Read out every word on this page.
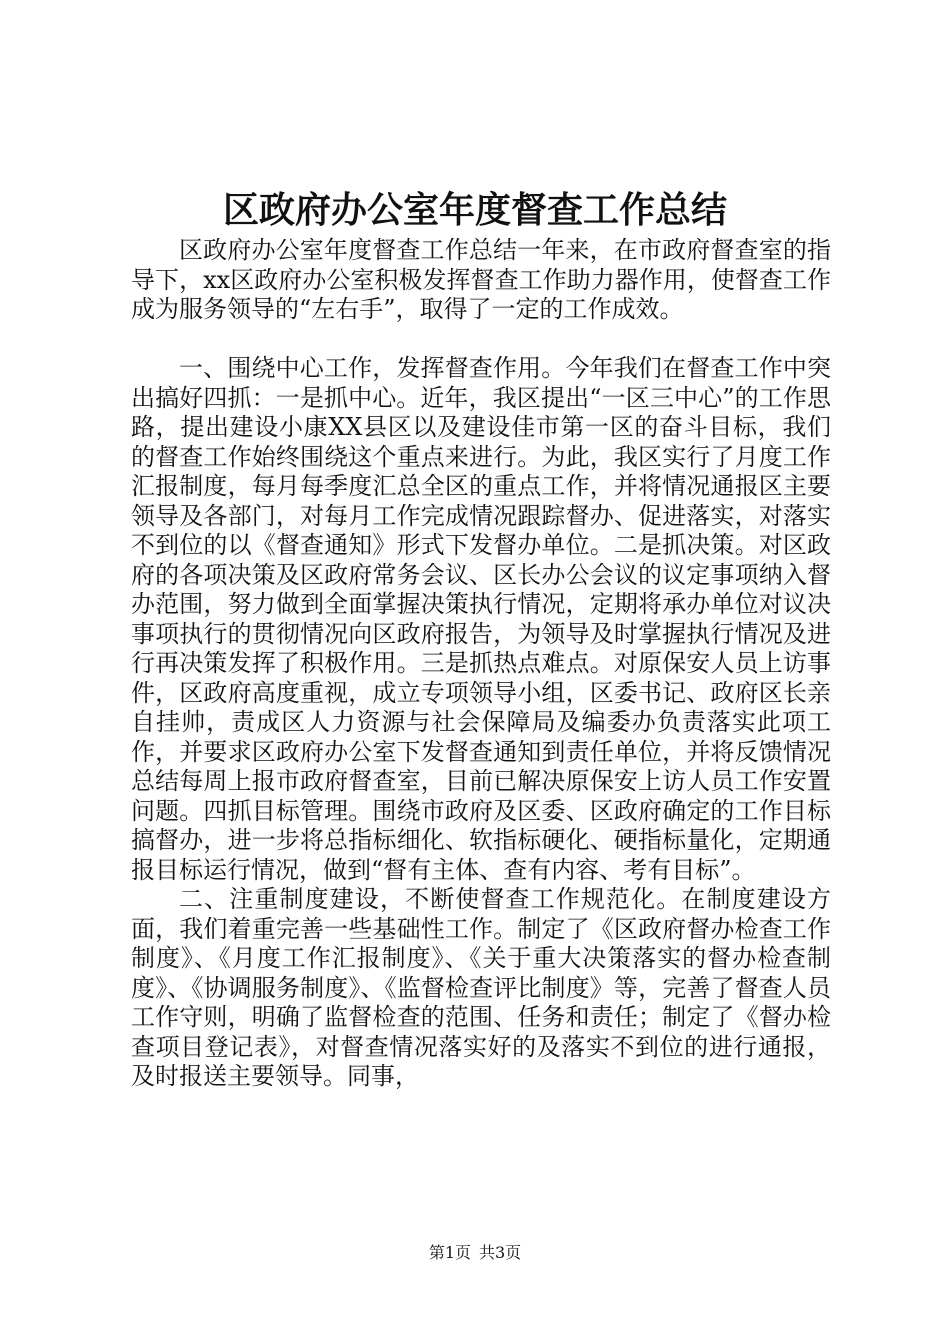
区政府办公室年度督查工作总结

区政府办公室年度督查工作总结一年来，在市政府督查室的指导下，xx区政府办公室积极发挥督查工作助力器作用，使督查工作成为服务领导的“左右手”，取得了一定的工作成效。

一、围绕中心工作，发挥督查作用。今年我们在督查工作中突出搞好四抓：一是抓中心。近年，我区提出“一区三中心”的工作思路，提出建设小康XX县区以及建设佳市第一区的奋斗目标，我们的督查工作始终围绕这个重点来进行。为此，我区实行了月度工作汇报制度，每月每季度汇总全区的重点工作，并将情况通报区主要领导及各部门，对每月工作完成情况跟踪督办、促进落实，对落实不到位的以《督查通知》形式下发督办单位。二是抓决策。对区政府的各项决策及区政府常务会议、区长办公会议的议定事项纳入督办范围，努力做到全面掌握决策执行情况，定期将承办单位对议决事项执行的贯彻情况向区政府报告，为领导及时掌握执行情况及进行再决策发挥了积极作用。三是抓热点难点。对原保安人员上访事件，区政府高度重视，成立专项领导小组，区委书记、政府区长亲自挂帅，责成区人力资源与社会保障局及编委办负责落实此项工作，并要求区政府办公室下发督查通知到责任单位，并将反馈情况总结每周上报市政府督查室，目前已解决原保安上访人员工作安置问题。四抓目标管理。围绕市政府及区委、区政府确定的工作目标搞督办，进一步将总指标细化、软指标硬化、硬指标量化，定期通报目标运行情况，做到“督有主体、查有内容、考有目标”。

二、注重制度建设，不断使督查工作规范化。在制度建设方面，我们着重完善一些基础性工作。制定了《区政府督办检查工作制度》、《月度工作汇报制度》、《关于重大决策落实的督办检查制度》、《协调服务制度》、《监督检查评比制度》等，完善了督查人员工作守则，明确了监督检查的范围、任务和责任；制定了《督办检查项目登记表》，对督查情况落实好的及落实不到位的进行通报，及时报送主要领导。同事，

第1页 共3页
